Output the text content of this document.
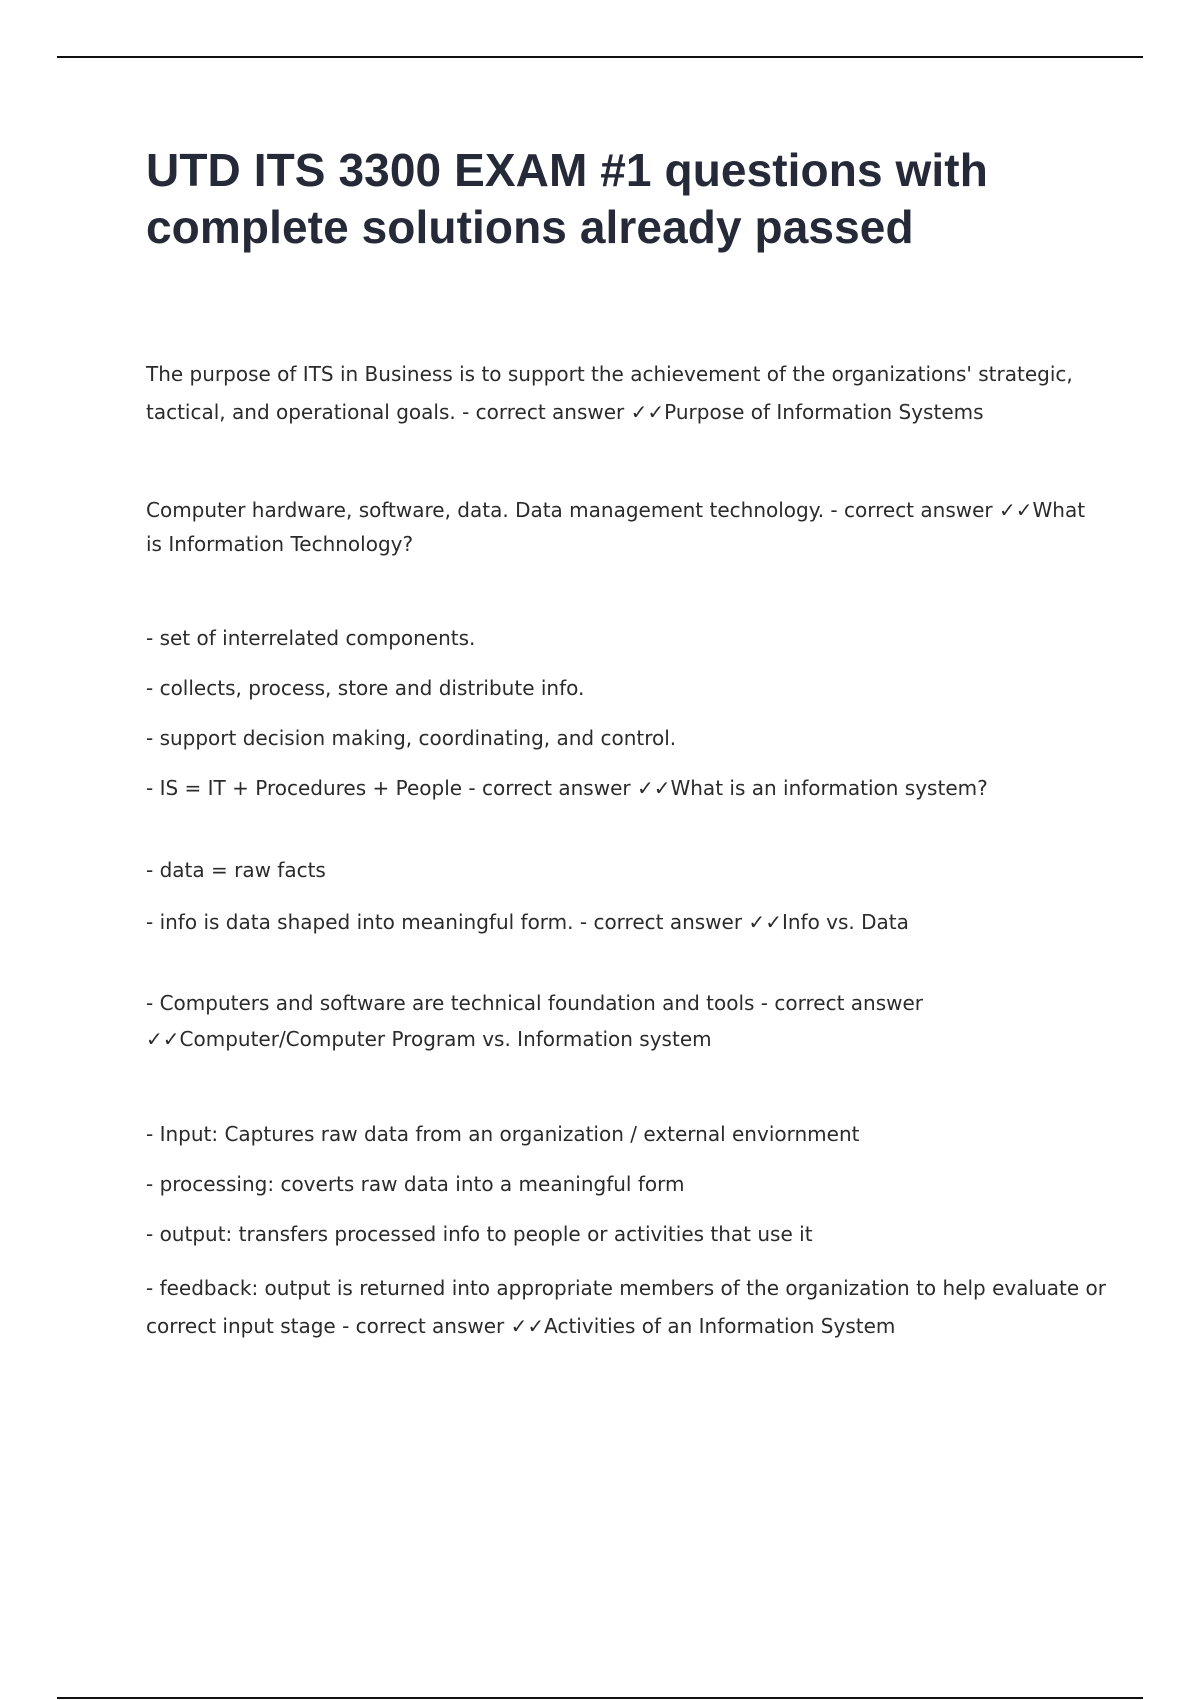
UTD ITS 3300 EXAM #1 questions with complete solutions already passed

The purpose of ITS in Business is to support the achievement of the organizations' strategic, tactical, and operational goals. - correct answer ✓✓Purpose of Information Systems

Computer hardware, software, data. Data management technology. - correct answer ✓✓What is Information Technology?

- set of interrelated components.

- collects, process, store and distribute info.

- support decision making, coordinating, and control.

- IS = IT + Procedures + People - correct answer ✓✓What is an information system?

- data = raw facts

- info is data shaped into meaningful form. - correct answer ✓✓Info vs. Data

- Computers and software are technical foundation and tools - correct answer ✓✓Computer/Computer Program vs. Information system

- Input: Captures raw data from an organization / external enviornment

- processing: coverts raw data into a meaningful form

- output: transfers processed info to people or activities that use it

- feedback: output is returned into appropriate members of the organization to help evaluate or correct input stage - correct answer ✓✓Activities of an Information System
